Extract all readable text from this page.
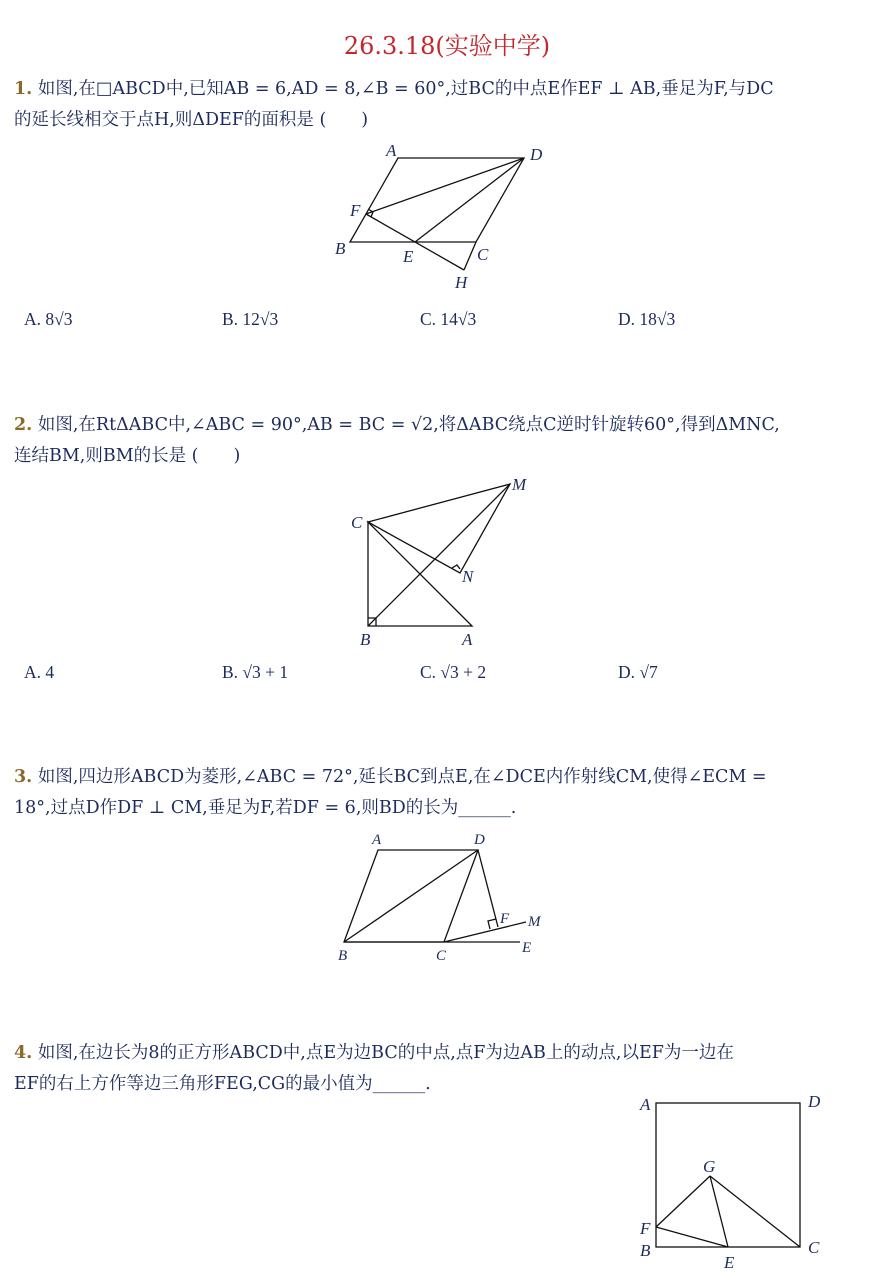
26.3.18(实验中学)
1. 如图,在□ABCD中,已知AB = 6,AD = 8,∠B = 60°,过BC的中点E作EF ⊥ AB,垂足为F,与DC
的延长线相交于点H,则ΔDEF的面积是 (　　)
A	D
F
B	E	C
H
A. 8√3	B. 12√3	C. 14√3	D. 18√3
2. 如图,在RtΔABC中,∠ABC = 90°,AB = BC = √2,将ΔABC绕点C逆时针旋转60°,得到ΔMNC,
连结BM,则BM的长是 (　　)
M
C
N
B	A
A. 4	B. √3 + 1	C. √3 + 2	D. √7
3. 如图,四边形ABCD为菱形,∠ABC = 72°,延长BC到点E,在∠DCE内作射线CM,使得∠ECM =
18°,过点D作DF ⊥ CM,垂足为F,若DF = 6,则BD的长为______.
A	D
F M
B	C	E
4. 如图,在边长为8的正方形ABCD中,点E为边BC的中点,点F为边AB上的动点,以EF为一边在
EF的右上方作等边三角形FEG,CG的最小值为______.
A	D
G
F
B
E
C
